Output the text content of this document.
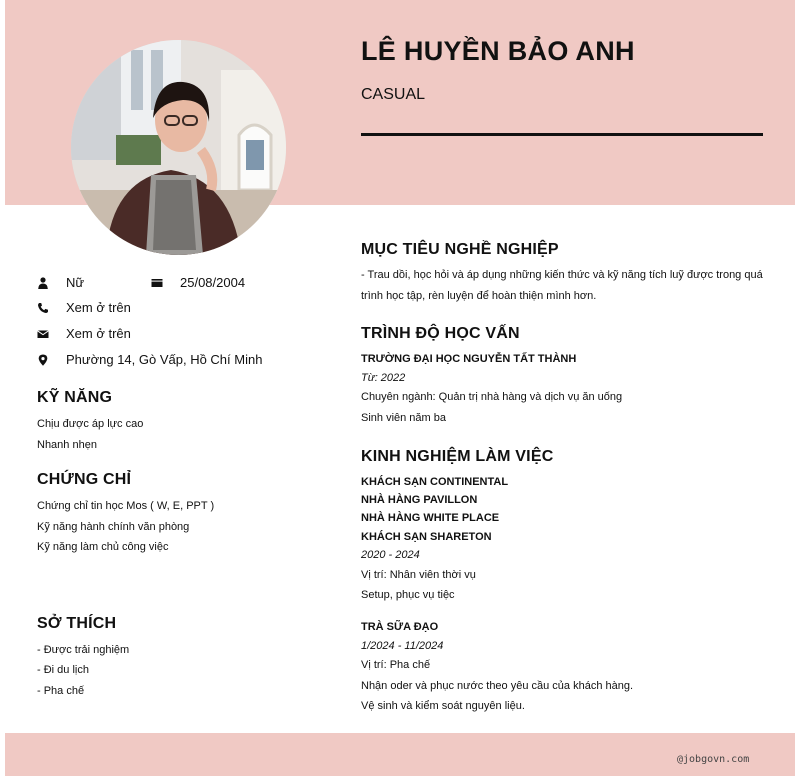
LÊ HUYỀN BẢO ANH
CASUAL
Nữ	25/08/2004
Xem ở trên
Xem ở trên
Phường 14, Gò Vấp, Hồ Chí Minh
KỸ NĂNG
Chịu được áp lực cao
Nhanh nhẹn
CHỨNG CHỈ
Chứng chỉ tin học Mos ( W, E, PPT )
Kỹ năng hành chính văn phòng
Kỹ năng làm chủ công việc
SỞ THÍCH
- Được trải nghiệm
- Đi du lịch
- Pha chế
MỤC TIÊU NGHỀ NGHIỆP
- Trau dồi, học hỏi và áp dụng những kiến thức và kỹ năng tích luỹ được trong quá trình học tập, rèn luyện để hoàn thiện mình hơn.
TRÌNH ĐỘ HỌC VẤN
TRƯỜNG ĐẠI HỌC NGUYỄN TẤT THÀNH
Từ: 2022
Chuyên ngành: Quản trị nhà hàng và dịch vụ ăn uống
Sinh viên năm ba
KINH NGHIỆM LÀM VIỆC
KHÁCH SẠN CONTINENTAL
NHÀ HÀNG PAVILLON
NHÀ HÀNG WHITE PLACE
KHÁCH SẠN SHARETON
2020 - 2024
Vị trí: Nhân viên thời vụ
Setup, phục vụ tiệc
TRÀ SỮA ĐẠO
1/2024 - 11/2024
Vị trí: Pha chế
Nhận oder và phục nước theo yêu cầu của khách hàng.
Vệ sinh và kiểm soát nguyên liệu.
@jobgovn.com
